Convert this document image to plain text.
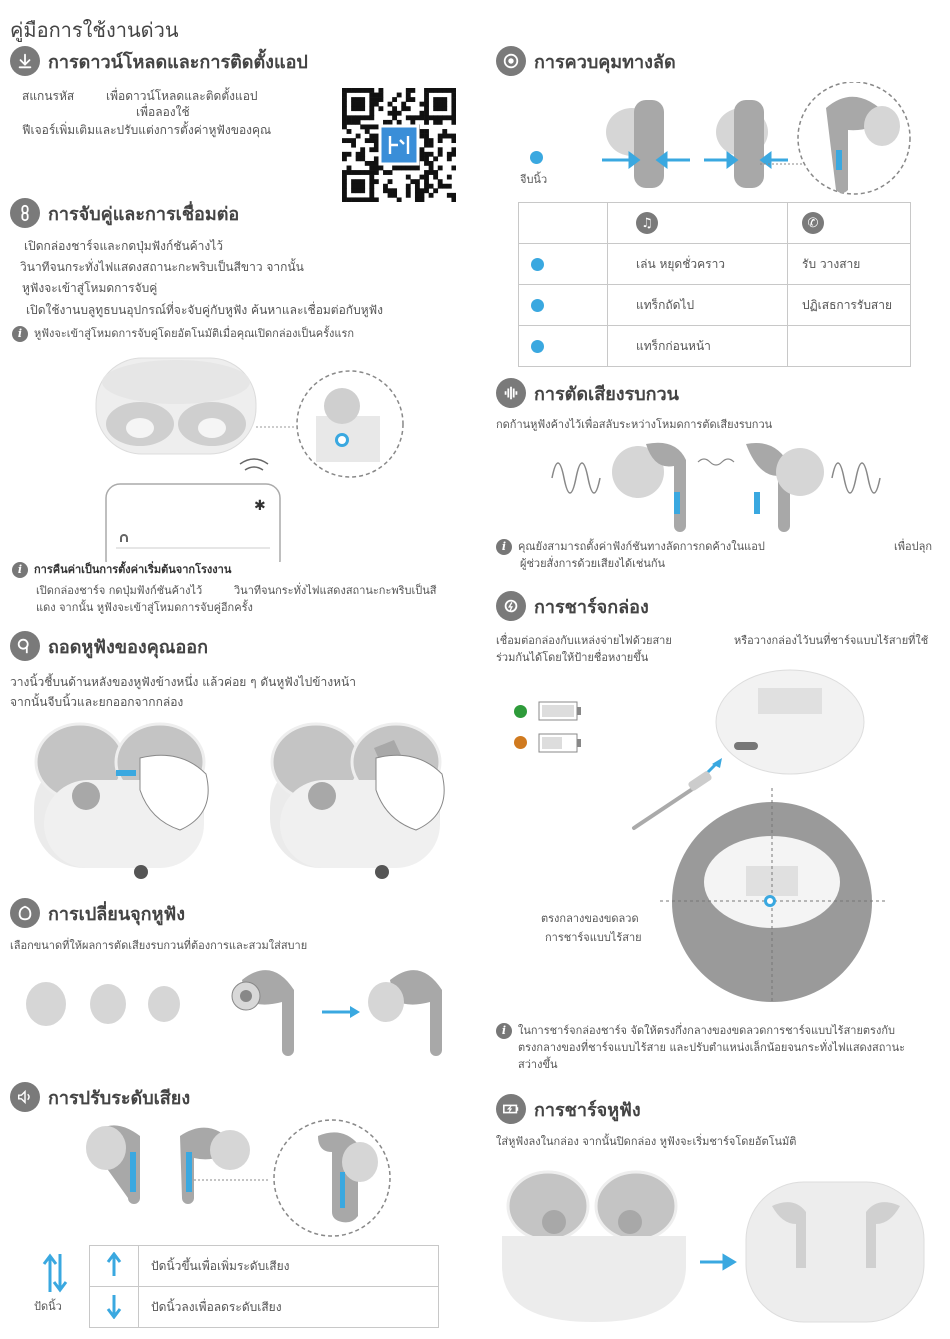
คู่มือการใช้งานด่วน
การดาวน์โหลดและการติดตั้งแอป
สแกนรหัส	เพื่อดาวน์โหลดและติดตั้งแอป
เพื่อลองใช้
ฟีเจอร์เพิ่มเติมและปรับแต่งการตั้งค่าหูฟังของคุณ
การจับคู่และการเชื่อมต่อ
เปิดกล่องชาร์จและกดปุ่มฟังก์ชันค้างไว้
วินาทีจนกระทั่งไฟแสดงสถานะกะพริบเป็นสีขาว จากนั้น
หูฟังจะเข้าสู่โหมดการจับคู่
เปิดใช้งานบลูทูธบนอุปกรณ์ที่จะจับคู่กับหูฟัง ค้นหาและเชื่อมต่อกับหูฟัง
i	หูฟังจะเข้าสู่โหมดการจับคู่โดยอัตโนมัติเมื่อคุณเปิดกล่องเป็นครั้งแรก
✱
i	การคืนค่าเป็นการตั้งค่าเริ่มต้นจากโรงงาน
เปิดกล่องชาร์จ กดปุ่มฟังก์ชันค้างไว้	วินาทีจนกระทั่งไฟแสดงสถานะกะพริบเป็นสี
แดง จากนั้น หูฟังจะเข้าสู่โหมดการจับคู่อีกครั้ง
ถอดหูฟังของคุณออก
วางนิ้วชี้บนด้านหลังของหูฟังข้างหนึ่ง แล้วค่อย ๆ ดันหูฟังไปข้างหน้า
จากนั้นจีบนิ้วและยกออกจากกล่อง
การเปลี่ยนจุกหูฟัง
เลือกขนาดที่ให้ผลการตัดเสียงรบกวนที่ต้องการและสวมใส่สบาย
การปรับระดับเสียง
ปัดนิ้ว
	ปัดนิ้วขึ้นเพื่อเพิ่มระดับเสียง
	ปัดนิ้วลงเพื่อลดระดับเสียง
การควบคุมทางลัด
จีบนิ้ว
	♫	✆

	เล่น หยุดชั่วคราว	รับ วางสาย

	แทร็กถัดไป	ปฏิเสธการรับสาย

	แทร็กก่อนหน้า	
การตัดเสียงรบกวน
กดก้านหูฟังค้างไว้เพื่อสลับระหว่างโหมดการตัดเสียงรบกวน
i	คุณยังสามารถตั้งค่าฟังก์ชันทางลัดการกดค้างในแอป	เพื่อปลุก
ผู้ช่วยสั่งการด้วยเสียงได้เช่นกัน
การชาร์จกล่อง
เชื่อมต่อกล่องกับแหล่งจ่ายไฟด้วยสาย	หรือวางกล่องไว้บนที่ชาร์จแบบไร้สายที่ใช้
ร่วมกันได้โดยให้ป้ายชื่อหงายขึ้น
ตรงกลางของขดลวด
การชาร์จแบบไร้สาย
i	ในการชาร์จกล่องชาร์จ จัดให้ตรงกึ่งกลางของขดลวดการชาร์จแบบไร้สายตรงกับ
ตรงกลางของที่ชาร์จแบบไร้สาย และปรับตำแหน่งเล็กน้อยจนกระทั่งไฟแสดงสถานะ
สว่างขึ้น
การชาร์จหูฟัง
ใส่หูฟังลงในกล่อง จากนั้นปิดกล่อง หูฟังจะเริ่มชาร์จโดยอัตโนมัติ
